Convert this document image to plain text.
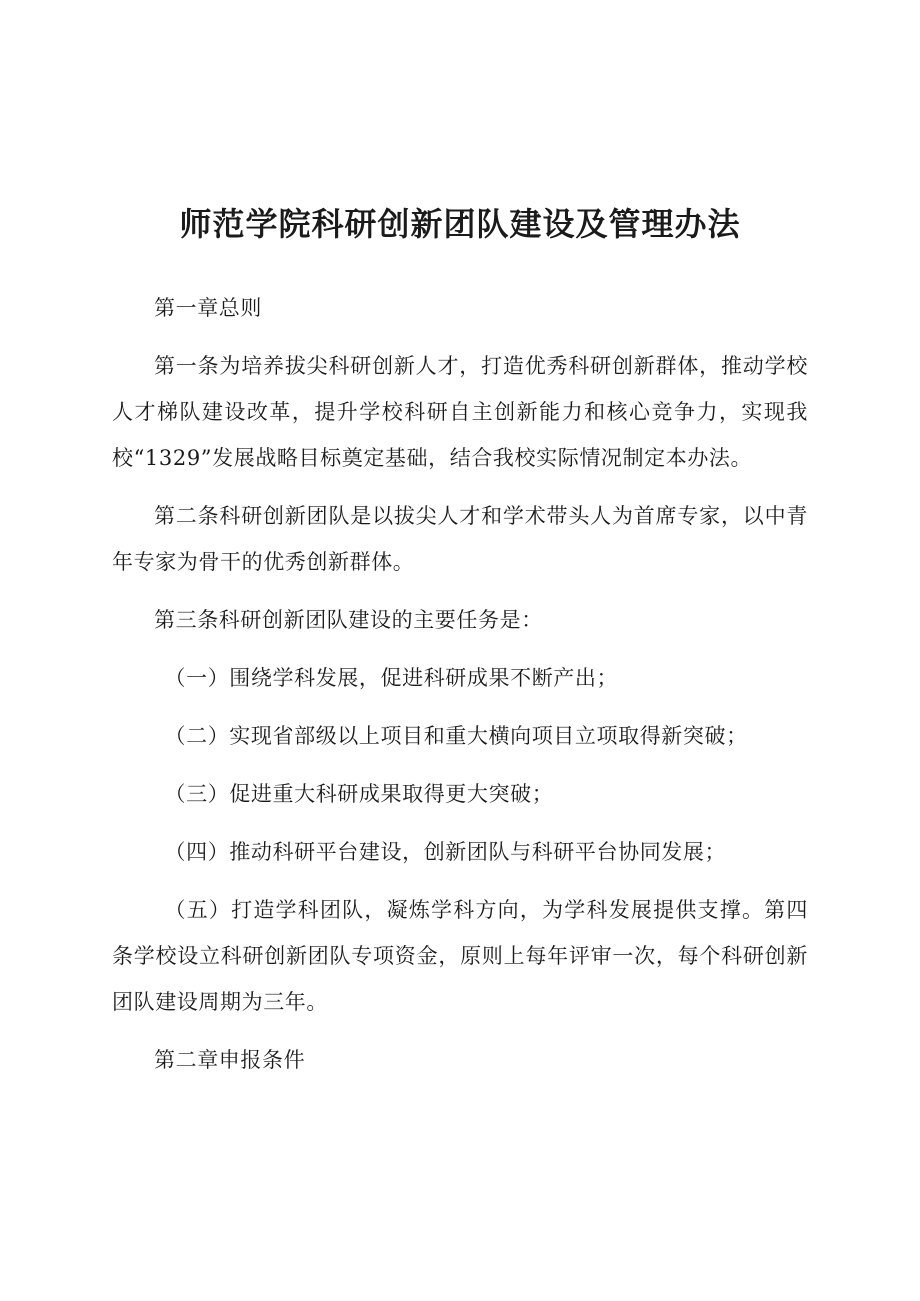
师范学院科研创新团队建设及管理办法

第一章总则

第一条为培养拔尖科研创新人才，打造优秀科研创新群体，推动学校人才梯队建设改革，提升学校科研自主创新能力和核心竞争力，实现我校“1329”发展战略目标奠定基础，结合我校实际情况制定本办法。

第二条科研创新团队是以拔尖人才和学术带头人为首席专家，以中青年专家为骨干的优秀创新群体。

第三条科研创新团队建设的主要任务是：

（一）围绕学科发展，促进科研成果不断产出；

（二）实现省部级以上项目和重大横向项目立项取得新突破；

（三）促进重大科研成果取得更大突破；

（四）推动科研平台建设，创新团队与科研平台协同发展；

（五）打造学科团队，凝炼学科方向，为学科发展提供支撑。第四条学校设立科研创新团队专项资金，原则上每年评审一次，每个科研创新团队建设周期为三年。

第二章申报条件
